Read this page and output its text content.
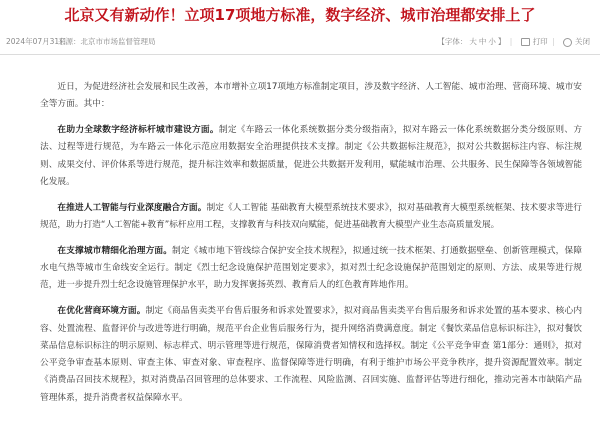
北京又有新动作！立项17项地方标准，数字经济、城市治理都安排上了
2024年07月31日
来源：北京市市场监督管理局	【字体： 大 中 小 】 |	打印 |	关闭

近日，为促进经济社会发展和民生改善，本市增补立项17项地方标准制定项目，涉及数字经济、人工智能、城市治理、营商环境、城市安全等方面。其中：

在助力全球数字经济标杆城市建设方面。制定《车路云一体化系统数据分类分级指南》，拟对车路云一体化系统数据分类分级原则、方法、过程等进行规范，为车路云一体化示范应用数据安全治理提供技术支撑。制定《公共数据标注规范》，拟对公共数据标注内容、标注规则、成果交付、评价体系等进行规范，提升标注效率和数据质量，促进公共数据开发利用，赋能城市治理、公共服务、民生保障等各领域智能化发展。

在推进人工智能与行业深度融合方面。制定《人工智能 基础教育大模型系统技术要求》，拟对基础教育大模型系统框架、技术要求等进行规范，助力打造“人工智能+教育”标杆应用工程，支撑教育与科技双向赋能，促进基础教育大模型产业生态高质量发展。

在支撑城市精细化治理方面。制定《城市地下管线综合保护安全技术规程》，拟通过统一技术框架、打通数据壁垒、创新管理模式，保障水电气热等城市生命线安全运行。制定《烈士纪念设施保护范围划定要求》，拟对烈士纪念设施保护范围划定的原则、方法、成果等进行规范，进一步提升烈士纪念设施管理保护水平，助力发挥褒扬英烈、教育后人的红色教育阵地作用。

在优化营商环境方面。制定《商品售卖类平台售后服务和诉求处置要求》，拟对商品售卖类平台售后服务和诉求处置的基本要求、核心内容、处置流程、监督评价与改进等进行明确，规范平台企业售后服务行为，提升网络消费满意度。制定《餐饮菜品信息标识标注》，拟对餐饮菜品信息标识标注的明示原则、标志样式、明示管理等进行规范，保障消费者知情权和选择权。制定《公平竞争审查 第1部分：通则》，拟对公平竞争审查基本原则、审查主体、审查对象、审查程序、监督保障等进行明确，有利于维护市场公平竞争秩序，提升资源配置效率。制定《消费品召回技术规程》，拟对消费品召回管理的总体要求、工作流程、风险监测、召回实施、监督评估等进行细化，推动完善本市缺陷产品管理体系，提升消费者权益保障水平。
